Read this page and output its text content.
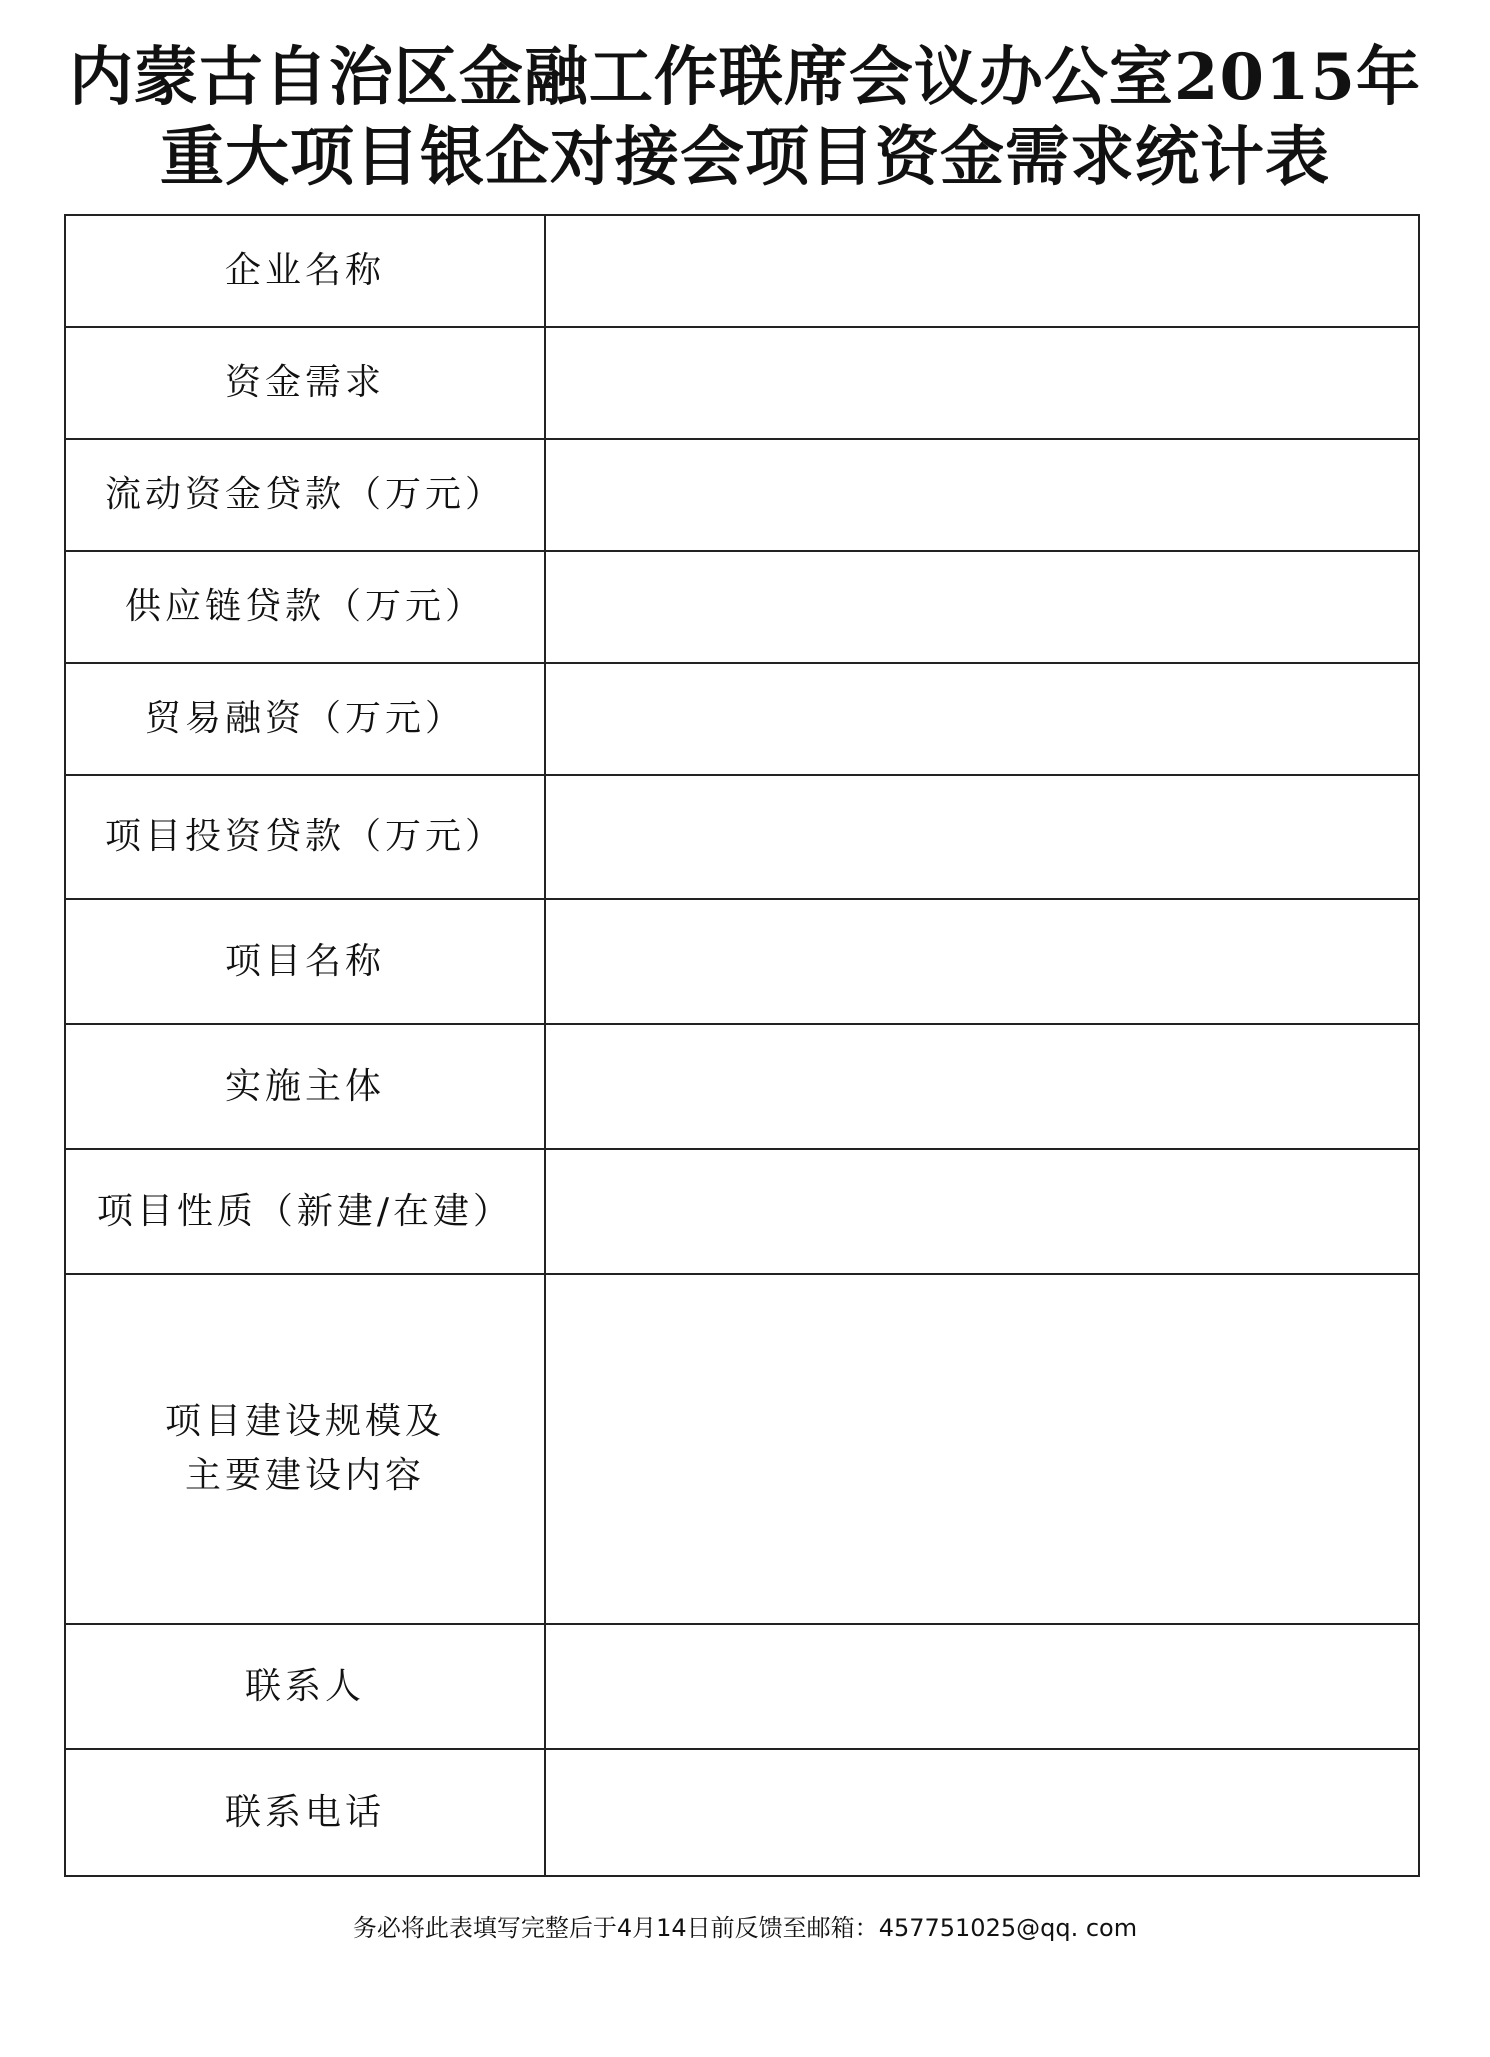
内蒙古自治区金融工作联席会议办公室2015年
重大项目银企对接会项目资金需求统计表
企业名称	
资金需求	
流动资金贷款（万元）	
供应链贷款（万元）	
贸易融资（万元）	
项目投资贷款（万元）	
项目名称	
实施主体	
项目性质（新建/在建）	
项目建设规模及
主要建设内容	
联系人	
联系电话	
务必将此表填写完整后于4月14日前反馈至邮箱：457751025@qq. com
